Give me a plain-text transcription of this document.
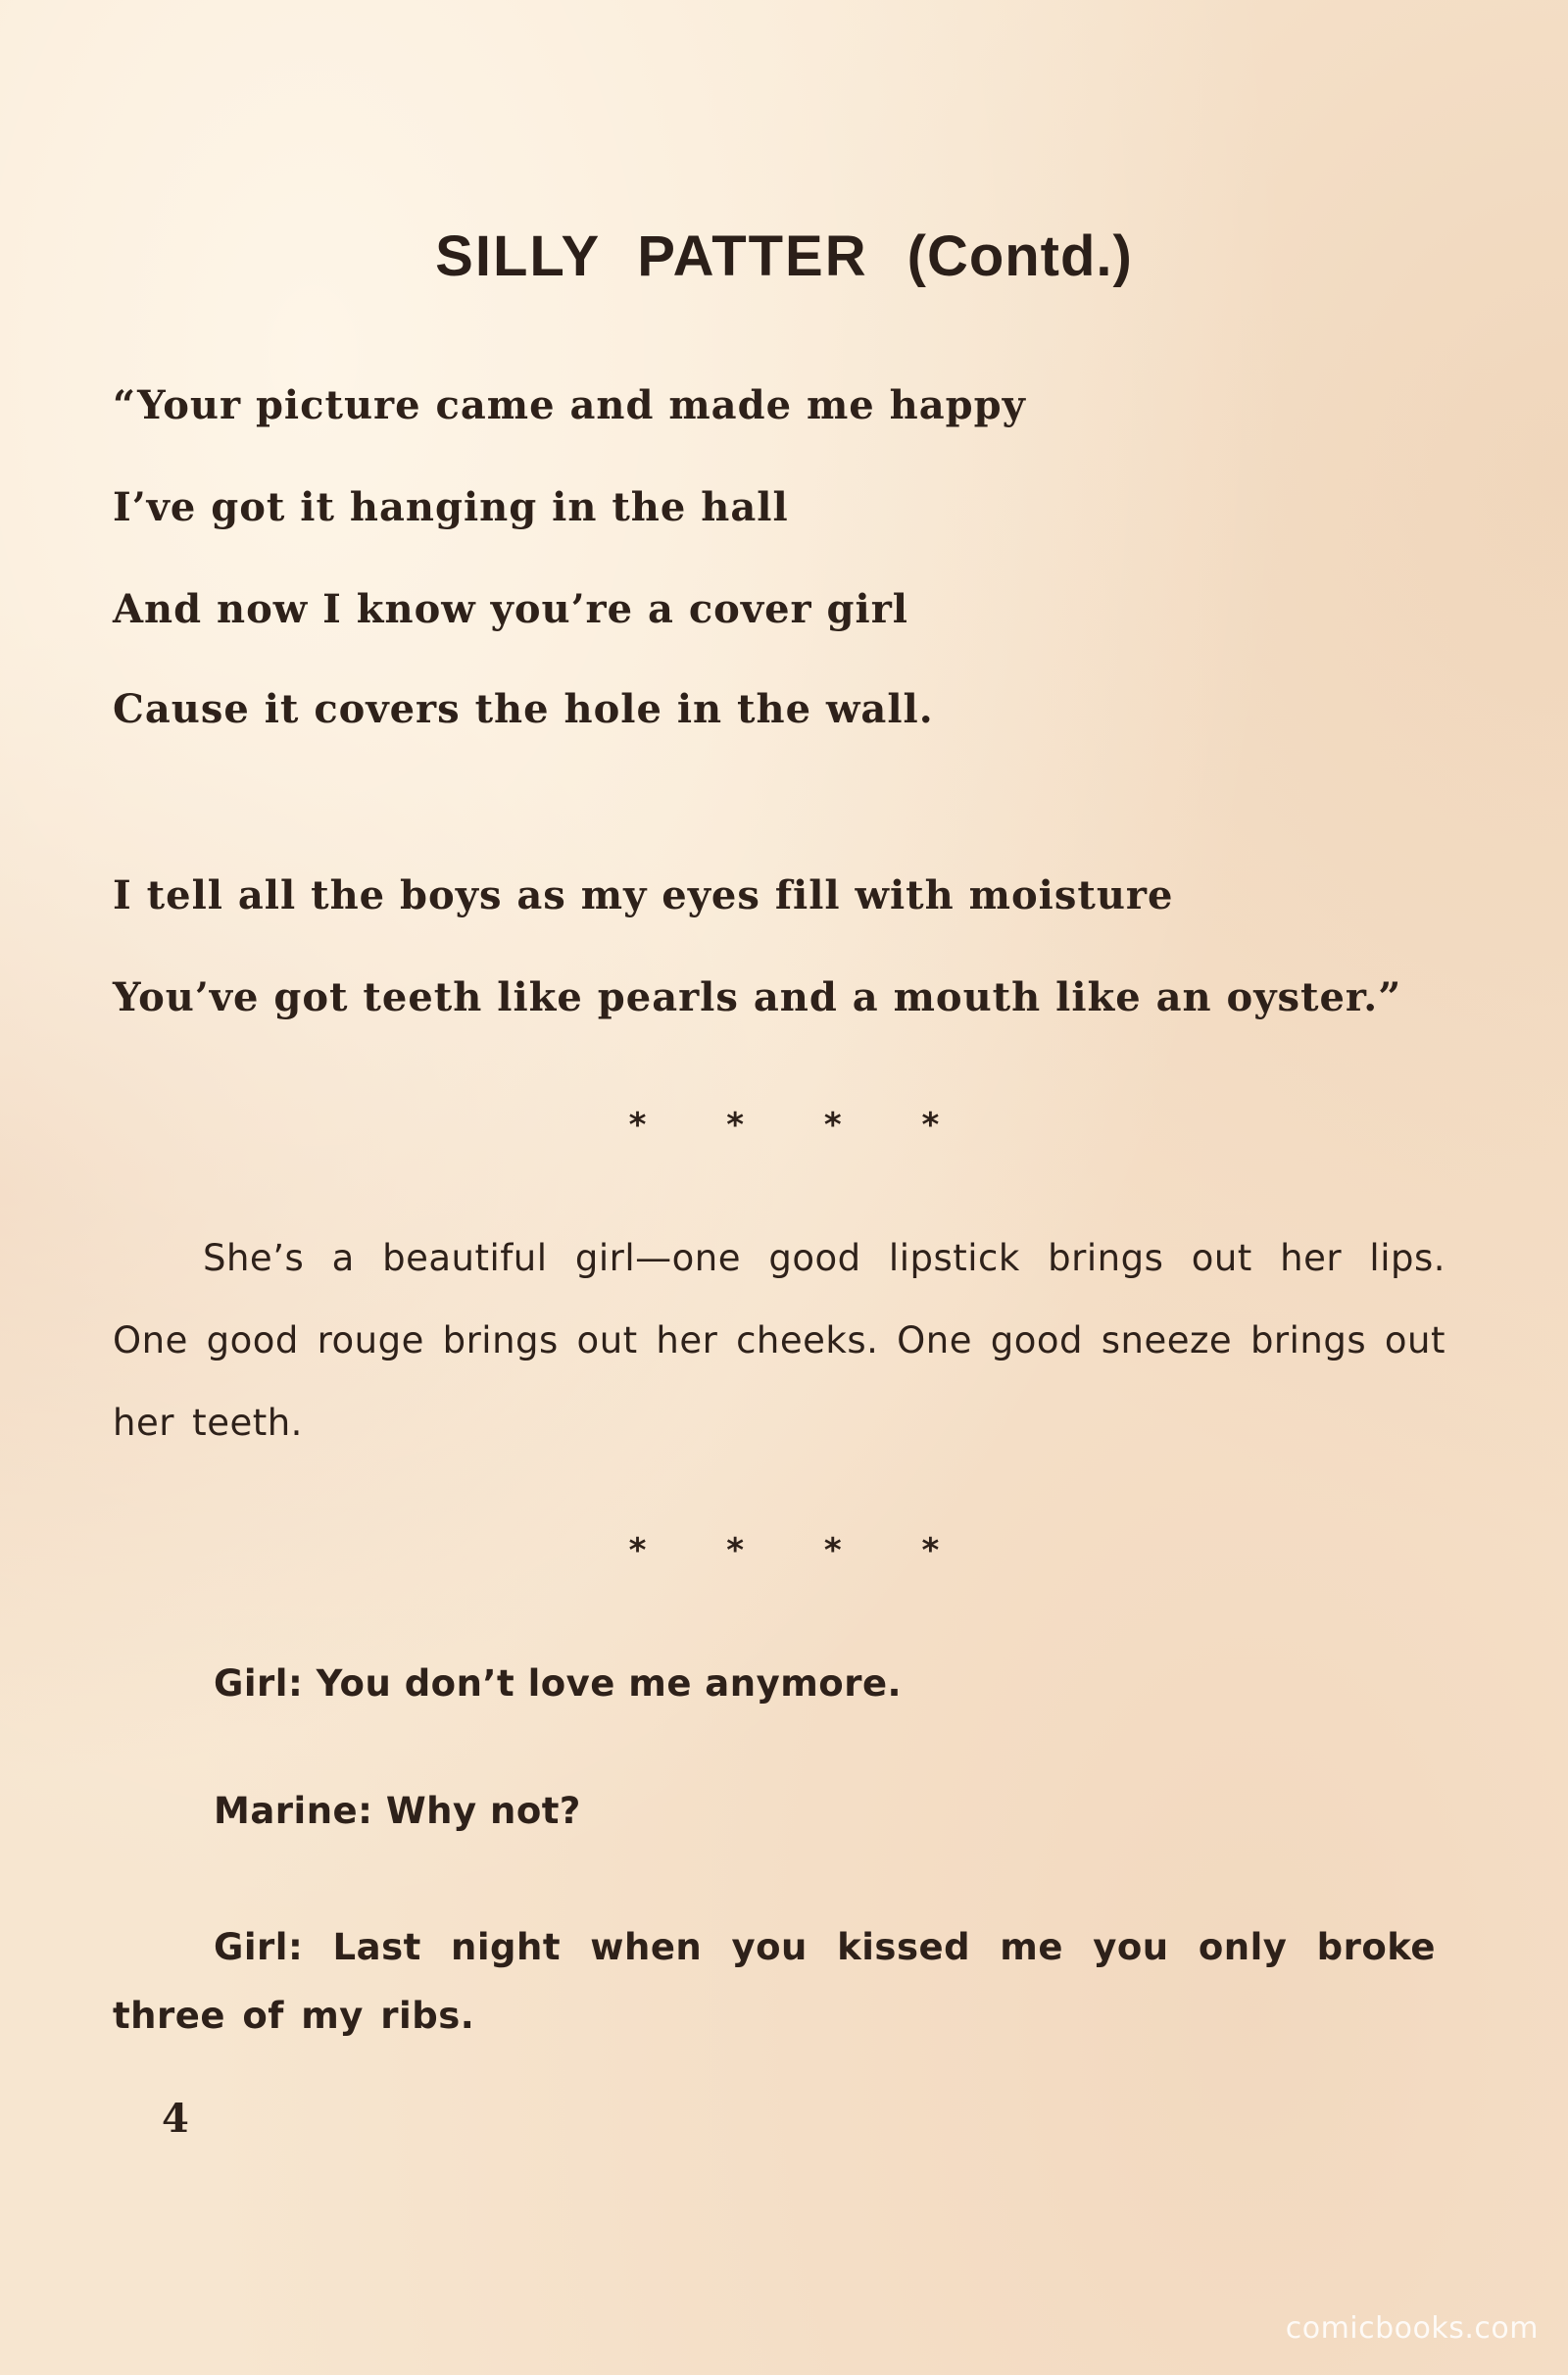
SILLY PATTER (Contd.)
“Your picture came and made me happy
I’ve got it hanging in the hall
And now I know you’re a cover girl
Cause it covers the hole in the wall.
I tell all the boys as my eyes fill with moisture
You’ve got teeth like pearls and a mouth like an oyster.”
* * * *
She’s a beautiful girl—one good lipstick brings out her lips. One good rouge brings out her cheeks. One good sneeze brings out her teeth.
* * * *
Girl: You don’t love me anymore.
Marine: Why not?
Girl: Last night when you kissed me you only broke three of my ribs.
4
comicbooks.com
